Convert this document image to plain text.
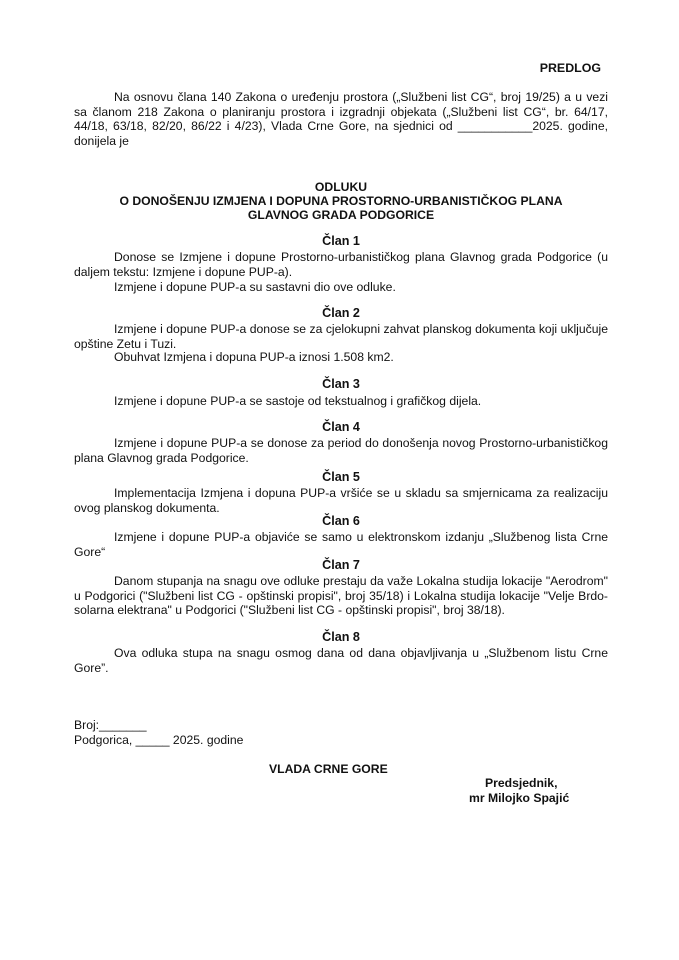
PREDLOG
Na osnovu člana 140 Zakona o uređenju prostora („Službeni list CG“, broj 19/25) a u vezi sa članom 218 Zakona o planiranju prostora i izgradnji objekata („Službeni list CG“, br. 64/17, 44/18, 63/18, 82/20, 86/22 i 4/23), Vlada Crne Gore, na sjednici od ___________2025. godine, donijela je
ODLUKU
O DONOŠENJU IZMJENA I DOPUNA PROSTORNO-URBANISTIČKOG PLANA
GLAVNOG GRADA PODGORICE
Član 1
Donose se Izmjene i dopune Prostorno-urbanističkog plana Glavnog grada Podgorice (u daljem tekstu: Izmjene i dopune PUP-a).
Izmjene i dopune PUP-a su sastavni dio ove odluke.
Član 2
Izmjene i dopune PUP-a donose se za cjelokupni zahvat planskog dokumenta koji uključuje opštine Zetu i Tuzi.
Obuhvat Izmjena i dopuna PUP-a iznosi 1.508 km2.
Član 3
Izmjene i dopune PUP-a se sastoje od tekstualnog i grafičkog dijela.
Član 4
Izmjene i dopune PUP-a se donose za period do donošenja novog Prostorno-urbanističkog plana Glavnog grada Podgorice.
Član 5
Implementacija Izmjena i dopuna PUP-a vršiće se u skladu sa smjernicama za realizaciju ovog planskog dokumenta.
Član 6
Izmjene i dopune PUP-a objaviće se samo u elektronskom izdanju „Službenog lista Crne Gore“
Član 7
Danom stupanja na snagu ove odluke prestaju da važe Lokalna studija lokacije "Aerodrom" u Podgorici ("Službeni list CG - opštinski propisi", broj 35/18) i Lokalna studija lokacije "Velje Brdo-solarna elektrana" u Podgorici ("Službeni list CG - opštinski propisi", broj 38/18).
Član 8
Ova odluka stupa na snagu osmog dana od dana objavljivanja u „Službenom listu Crne Gore”.
Broj:_______
Podgorica, _____ 2025. godine
VLADA CRNE GORE
Predsjednik,
mr Milojko Spajić
